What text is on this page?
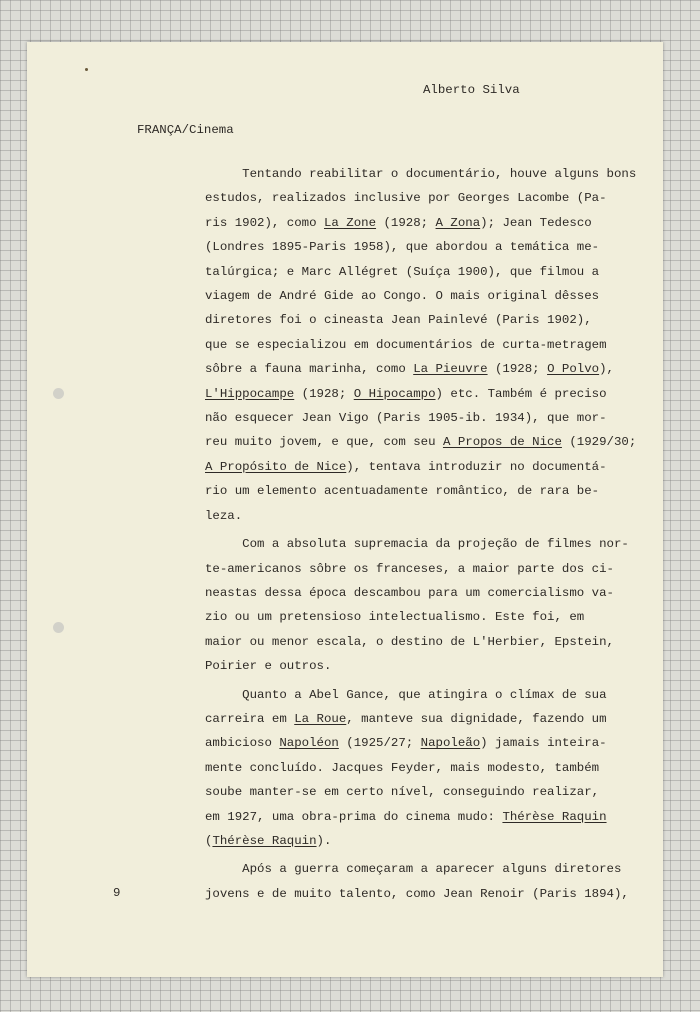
Alberto Silva
FRANÇA/Cinema
Tentando reabilitar o documentário, houve alguns bons
estudos, realizados inclusive por Georges Lacombe (Pa-
ris 1902), como La Zone (1928; A Zona); Jean Tedesco
(Londres 1895-Paris 1958), que abordou a temática me-
talúrgica; e Marc Allégret (Suíça 1900), que filmou a
viagem de André Gide ao Congo. O mais original dêsses
diretores foi o cineasta Jean Painlevé (Paris 1902),
que se especializou em documentários de curta-metragem
sôbre a fauna marinha, como La Pieuvre (1928; O Polvo),
L'Hippocampe (1928; O Hipocampo) etc. Também é preciso
não esquecer Jean Vigo (Paris 1905-ib. 1934), que mor-
reu muito jovem, e que, com seu A Propos de Nice (1929/30;
A Propósito de Nice), tentava introduzir no documentá-
rio um elemento acentuadamente romântico, de rara be-
leza.
Com a absoluta supremacia da projeção de filmes nor-
te-americanos sôbre os franceses, a maior parte dos ci-
neastas dessa época descambou para um comercialismo va-
zio ou um pretensioso intelectualismo. Este foi, em
maior ou menor escala, o destino de L'Herbier, Epstein,
Poirier e outros.
Quanto a Abel Gance, que atingira o clímax de sua
carreira em La Roue, manteve sua dignidade, fazendo um
ambicioso Napoléon (1925/27; Napoleão) jamais inteira-
mente concluído. Jacques Feyder, mais modesto, também
soube manter-se em certo nível, conseguindo realizar,
em 1927, uma obra-prima do cinema mudo: Thérèse Raquin
(Thérèse Raquin).
Após a guerra começaram a aparecer alguns diretores
jovens e de muito talento, como Jean Renoir (Paris 1894),
9
